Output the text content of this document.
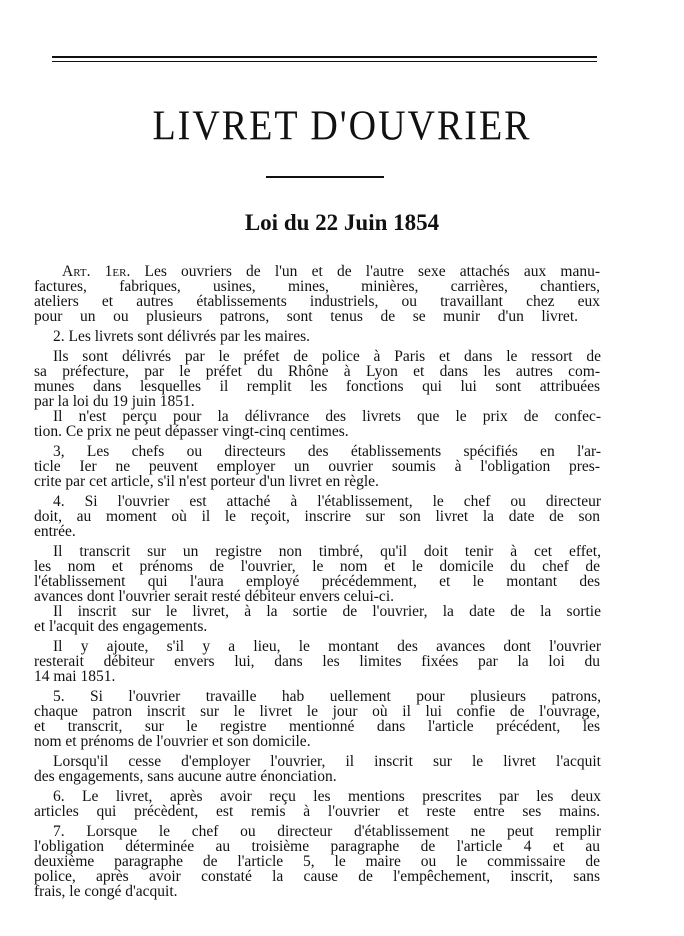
LIVRET D'OUVRIER
Loi du 22 Juin 1854
Art. 1er. Les ouvriers de l'un et de l'autre sexe attachés aux manu-
factures, fabriques, usines, mines, minières, carrières, chantiers,
ateliers et autres établissements industriels, ou travaillant chez eux
pour un ou plusieurs patrons, sont tenus de se munir d'un livret.
2. Les livrets sont délivrés par les maires.
Ils sont délivrés par le préfet de police à Paris et dans le ressort de
sa préfecture, par le préfet du Rhône à Lyon et dans les autres com-
munes dans lesquelles il remplit les fonctions qui lui sont attribuées
par la loi du 19 juin 1851.
Il n'est perçu pour la délivrance des livrets que le prix de confec-
tion. Ce prix ne peut dépasser vingt-cinq centimes.
3, Les chefs ou directeurs des établissements spécifiés en l'ar-
ticle Ier ne peuvent employer un ouvrier soumis à l'obligation pres-
crite par cet article, s'il n'est porteur d'un livret en règle.
4. Si l'ouvrier est attaché à l'établissement, le chef ou directeur
doit, au moment où il le reçoit, inscrire sur son livret la date de son
entrée.
Il transcrit sur un registre non timbré, qu'il doit tenir à cet effet,
les nom et prénoms de l'ouvrier, le nom et le domicile du chef de
l'établissement qui l'aura employé précédemment, et le montant des
avances dont l'ouvrier serait resté débiteur envers celui-ci.
Il inscrit sur le livret, à la sortie de l'ouvrier, la date de la sortie
et l'acquit des engagements.
Il y ajoute, s'il y a lieu, le montant des avances dont l'ouvrier
resterait débiteur envers lui, dans les limites fixées par la loi du
14 mai 1851.
5. Si l'ouvrier travaille hab uellement pour plusieurs patrons,
chaque patron inscrit sur le livret le jour où il lui confie de l'ouvrage,
et transcrit, sur le registre mentionné dans l'article précédent, les
nom et prénoms de l'ouvrier et son domicile.
Lorsqu'il cesse d'employer l'ouvrier, il inscrit sur le livret l'acquit
des engagements, sans aucune autre énonciation.
6. Le livret, après avoir reçu les mentions prescrites par les deux
articles qui précèdent, est remis à l'ouvrier et reste entre ses mains.
7. Lorsque le chef ou directeur d'établissement ne peut remplir
l'obligation déterminée au troisième paragraphe de l'article 4 et au
deuxième paragraphe de l'article 5, le maire ou le commissaire de
police, après avoir constaté la cause de l'empêchement, inscrit, sans
frais, le congé d'acquit.
